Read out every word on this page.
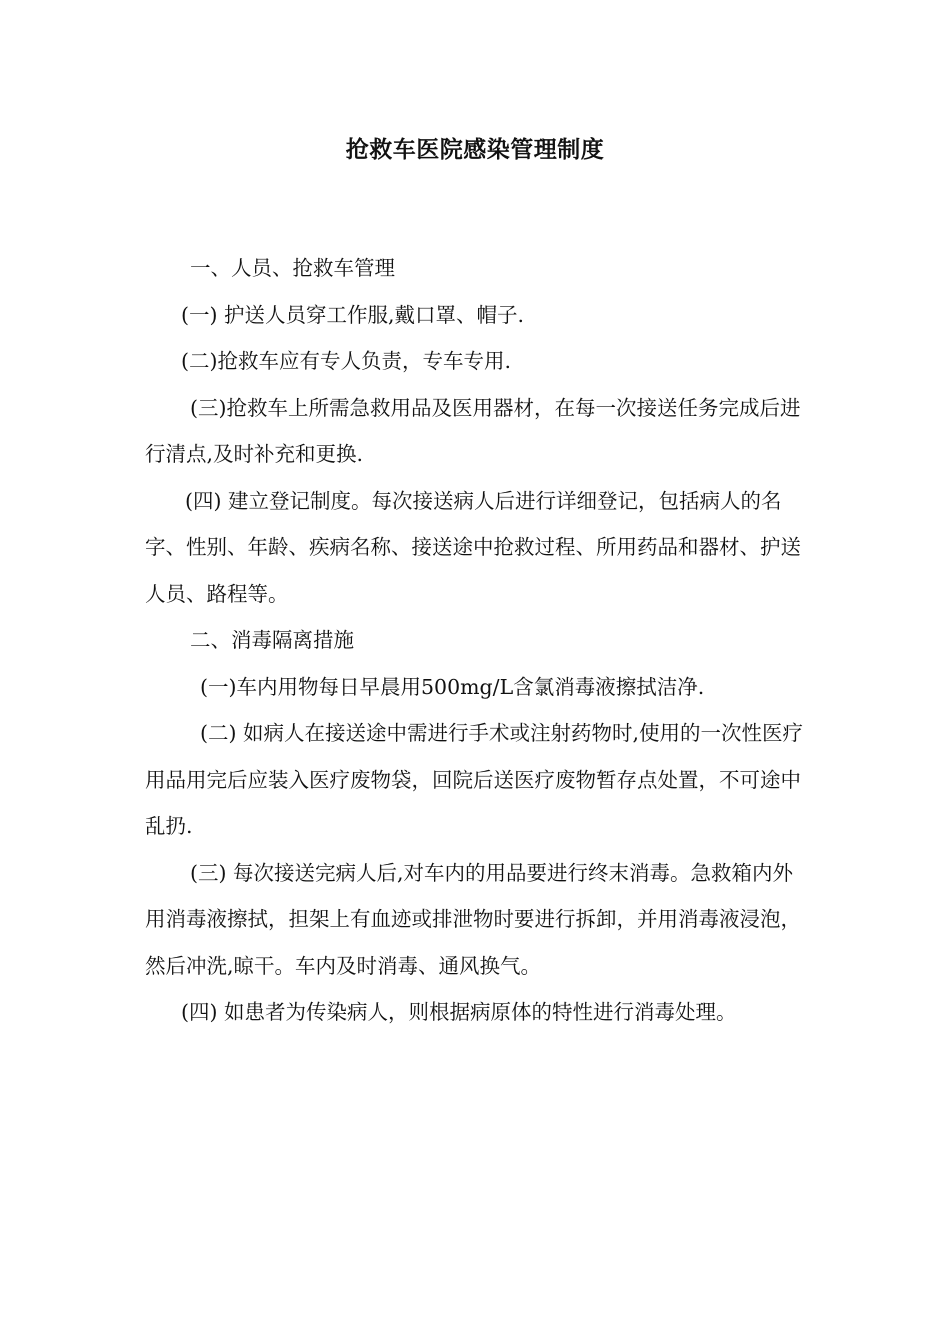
抢救车医院感染管理制度

一、人员、抢救车管理

(一) 护送人员穿工作服,戴口罩、帽子.

(二)抢救车应有专人负责，专车专用.

(三)抢救车上所需急救用品及医用器材，在每一次接送任务完成后进行清点,及时补充和更换.

(四) 建立登记制度。每次接送病人后进行详细登记，包括病人的名字、性别、年龄、疾病名称、接送途中抢救过程、所用药品和器材、护送人员、路程等。

二、消毒隔离措施

(一)车内用物每日早晨用500mg/L含氯消毒液擦拭洁净.

(二) 如病人在接送途中需进行手术或注射药物时,使用的一次性医疗用品用完后应装入医疗废物袋，回院后送医疗废物暂存点处置，不可途中乱扔.

(三) 每次接送完病人后,对车内的用品要进行终末消毒。急救箱内外用消毒液擦拭，担架上有血迹或排泄物时要进行拆卸，并用消毒液浸泡，然后冲洗,晾干。车内及时消毒、通风换气。

(四) 如患者为传染病人，则根据病原体的特性进行消毒处理。
